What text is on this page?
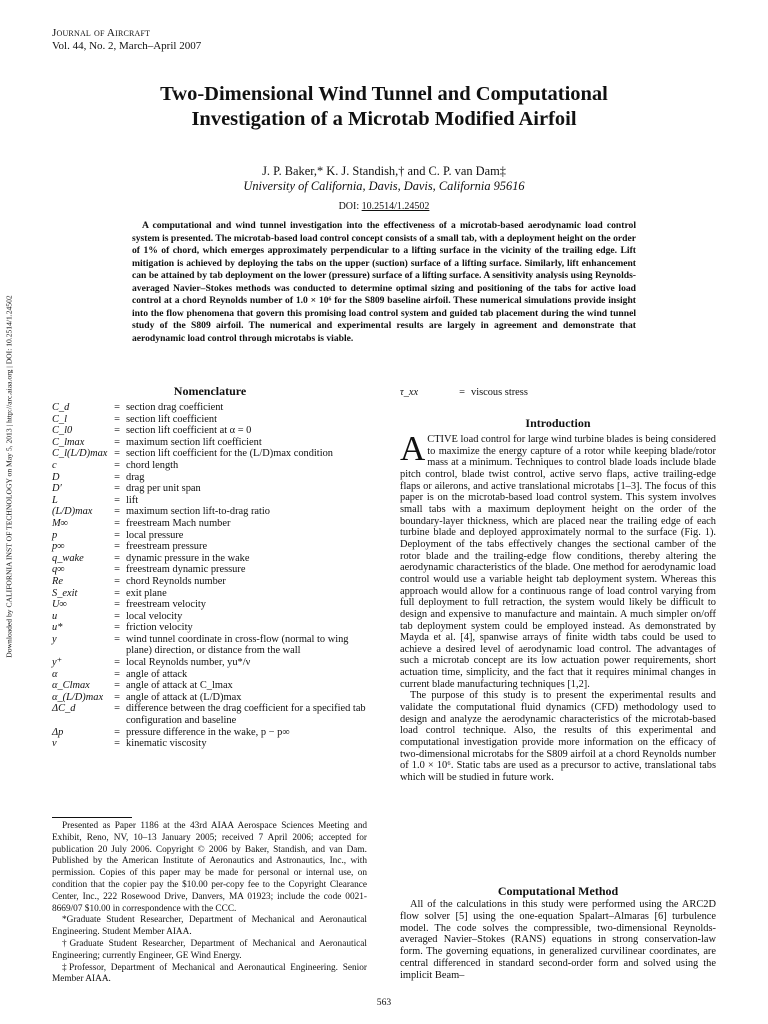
Journal of Aircraft
Vol. 44, No. 2, March–April 2007
Downloaded by CALIFORNIA INST OF TECHNOLOGY on May 5, 2013 | http://arc.aiaa.org | DOI: 10.2514/1.24502
Two-Dimensional Wind Tunnel and Computational
Investigation of a Microtab Modified Airfoil
J. P. Baker,* K. J. Standish,† and C. P. van Dam‡
University of California, Davis, Davis, California 95616
DOI: 10.2514/1.24502

A computational and wind tunnel investigation into the effectiveness of a microtab-based aerodynamic load control system is presented. The microtab-based load control concept consists of a small tab, with a deployment height on the order of 1% of chord, which emerges approximately perpendicular to a lifting surface in the vicinity of the trailing edge. Lift mitigation is achieved by deploying the tabs on the upper (suction) surface of a lifting surface. Similarly, lift enhancement can be attained by tab deployment on the lower (pressure) surface of a lifting surface. A sensitivity analysis using Reynolds-averaged Navier–Stokes methods was conducted to determine optimal sizing and positioning of the tabs for active load control at a chord Reynolds number of 1.0 × 10⁶ for the S809 baseline airfoil. These numerical simulations provide insight into the flow phenomena that govern this promising load control system and guided tab placement during the wind tunnel study of the S809 airfoil. The numerical and experimental results are largely in agreement and demonstrate that aerodynamic load control through microtabs is viable.

Nomenclature
C_d	= section drag coefficient
C_l	= section lift coefficient
C_l0	= section lift coefficient at α = 0
C_lmax	= maximum section lift coefficient
C_l(L/D)max = section lift coefficient for the (L/D)max condition
c	= chord length
D	= drag
D′	= drag per unit span
L	= lift
(L/D)max	= maximum section lift-to-drag ratio
M∞	= freestream Mach number
p	= local pressure
p∞	= freestream pressure
q_wake	= dynamic pressure in the wake
q∞	= freestream dynamic pressure
Re	= chord Reynolds number
S_exit	= exit plane
U∞	= freestream velocity
u	= local velocity
u*	= friction velocity
y	= wind tunnel coordinate in cross-flow (normal to wing plane) direction, or distance from the wall
y⁺	= local Reynolds number, yu*/ν
α	= angle of attack
α_Clmax	= angle of attack at C_lmax
α_(L/D)max	= angle of attack at (L/D)max
ΔC_d	= difference between the drag coefficient for a specified tab configuration and baseline
Δp	= pressure difference in the wake, p − p∞
ν	= kinematic viscosity
τ_xx	= viscous stress

Presented as Paper 1186 at the 43rd AIAA Aerospace Sciences Meeting and Exhibit, Reno, NV, 10–13 January 2005; received 7 April 2006; accepted for publication 20 July 2006. Copyright © 2006 by Baker, Standish, and van Dam. Published by the American Institute of Aeronautics and Astronautics, Inc., with permission. Copies of this paper may be made for personal or internal use, on condition that the copier pay the $10.00 per-copy fee to the Copyright Clearance Center, Inc., 222 Rosewood Drive, Danvers, MA 01923; include the code 0021-8669/07 $10.00 in correspondence with the CCC.

*Graduate Student Researcher, Department of Mechanical and Aeronautical Engineering. Student Member AIAA.

†Graduate Student Researcher, Department of Mechanical and Aeronautical Engineering; currently Engineer, GE Wind Energy.

‡Professor, Department of Mechanical and Aeronautical Engineering. Senior Member AIAA.

Introduction

ACTIVE load control for large wind turbine blades is being considered to maximize the energy capture of a rotor while keeping blade/rotor mass at a minimum. Techniques to control blade loads include blade pitch control, blade twist control, active servo flaps, active trailing-edge flaps or ailerons, and active translational microtabs [1–3]. The focus of this paper is on the microtab-based load control system. This system involves small tabs with a maximum deployment height on the order of the boundary-layer thickness, which are placed near the trailing edge of each turbine blade and deployed approximately normal to the surface (Fig. 1). Deployment of the tabs effectively changes the sectional camber of the rotor blade and the trailing-edge flow conditions, thereby altering the aerodynamic characteristics of the blade. One method for aerodynamic load control would use a variable height tab deployment system. Whereas this approach would allow for a continuous range of load control varying from full deployment to full retraction, the system would likely be difficult to design and expensive to manufacture and maintain. A much simpler on/off tab deployment system could be employed instead. As demonstrated by Mayda et al. [4], spanwise arrays of finite width tabs could be used to achieve a desired level of aerodynamic load control. The advantages of such a microtab concept are its low actuation power requirements, short actuation time, simplicity, and the fact that it requires minimal changes in current blade manufacturing techniques [1,2].

The purpose of this study is to present the experimental results and validate the computational fluid dynamics (CFD) methodology used to design and analyze the aerodynamic characteristics of the microtab-based load control technique. Also, the results of this experimental and computational investigation provide more information on the efficacy of two-dimensional microtabs for the S809 airfoil at a chord Reynolds number of 1.0 × 10⁶. Static tabs are used as a precursor to active, translational tabs which will be studied in future work.

Computational Method

All of the calculations in this study were performed using the ARC2D flow solver [5] using the one-equation Spalart–Almaras [6] turbulence model. The code solves the compressible, two-dimensional Reynolds-averaged Navier–Stokes (RANS) equations in strong conservation-law form. The governing equations, in generalized curvilinear coordinates, are central differenced in standard second-order form and solved using the implicit Beam–

563
